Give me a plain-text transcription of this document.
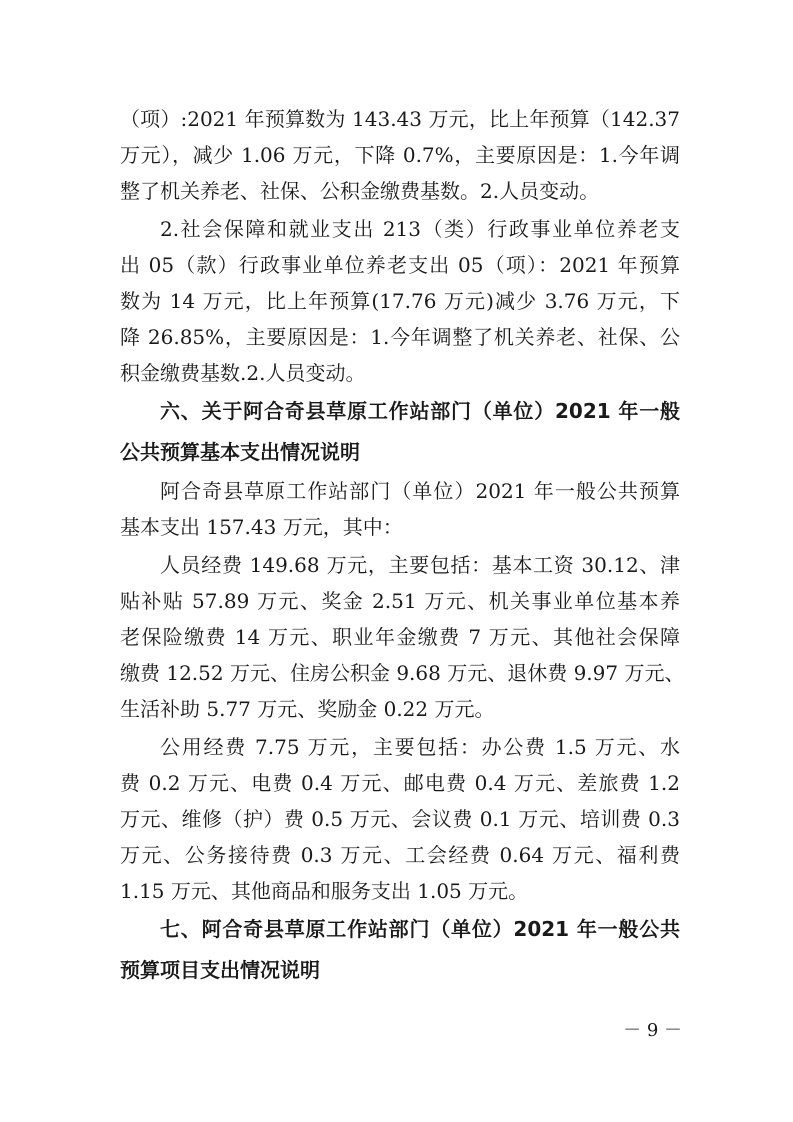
（项）:2021 年预算数为 143.43 万元，比上年预算（142.37
万元），减少 1.06 万元，下降 0.7%，主要原因是：1.今年调
整了机关养老、社保、公积金缴费基数。2.人员变动。
2.社会保障和就业支出 213（类）行政事业单位养老支
出 05（款）行政事业单位养老支出 05（项）：2021 年预算
数为 14 万元，比上年预算(17.76 万元)减少 3.76 万元，下
降 26.85%，主要原因是：1.今年调整了机关养老、社保、公
积金缴费基数.2.人员变动。
六、关于阿合奇县草原工作站部门（单位）2021 年一般
公共预算基本支出情况说明
阿合奇县草原工作站部门（单位）2021 年一般公共预算
基本支出 157.43 万元，其中：
人员经费 149.68 万元，主要包括：基本工资 30.12、津
贴补贴 57.89 万元、奖金 2.51 万元、机关事业单位基本养
老保险缴费 14 万元、职业年金缴费 7 万元、其他社会保障
缴费 12.52 万元、住房公积金 9.68 万元、退休费 9.97 万元、
生活补助 5.77 万元、奖励金 0.22 万元。
公用经费 7.75 万元，主要包括：办公费 1.5 万元、水
费 0.2 万元、电费 0.4 万元、邮电费 0.4 万元、差旅费 1.2
万元、维修（护）费 0.5 万元、会议费 0.1 万元、培训费 0.3
万元、公务接待费 0.3 万元、工会经费 0.64 万元、福利费
1.15 万元、其他商品和服务支出 1.05 万元。
七、阿合奇县草原工作站部门（单位）2021 年一般公共
预算项目支出情况说明
－ 9 －
